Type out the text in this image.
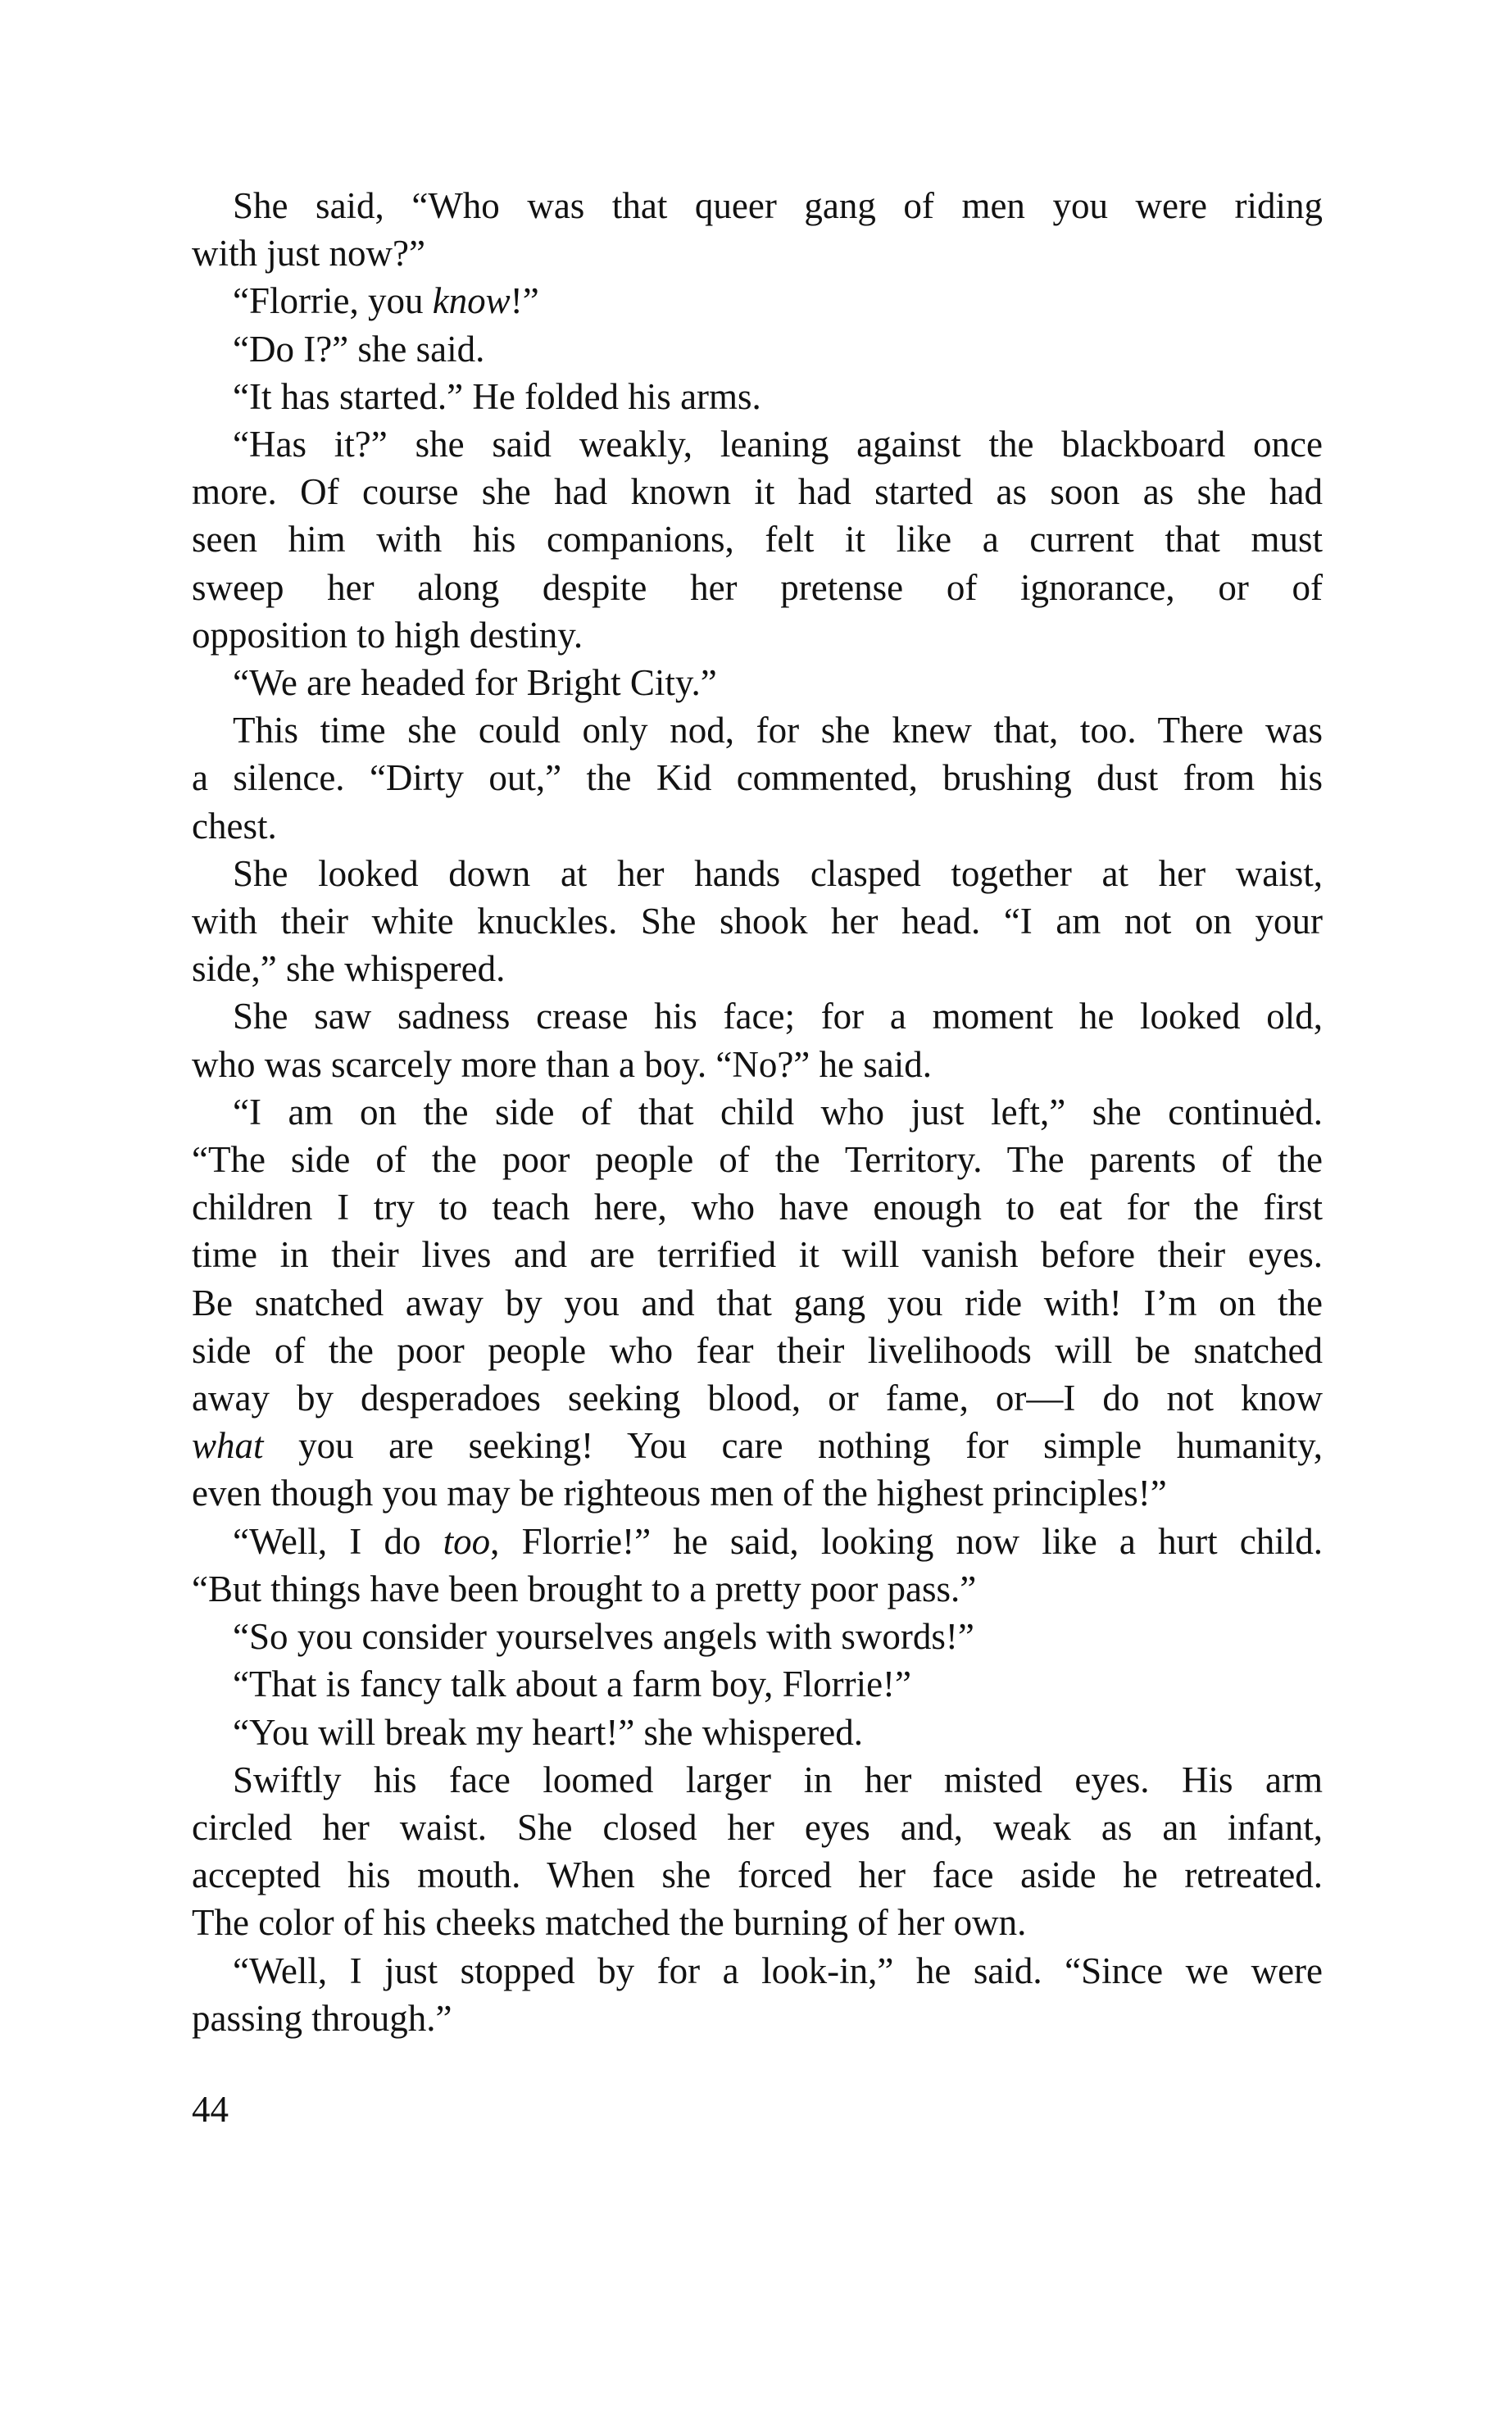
She said, “Who was that queer gang of men you were riding
with just now?”
“Florrie, you know!”
“Do I?” she said.
“It has started.” He folded his arms.
“Has it?” she said weakly, leaning against the blackboard once
more. Of course she had known it had started as soon as she had
seen him with his companions, felt it like a current that must
sweep her along despite her pretense of ignorance, or of
opposition to high destiny.
“We are headed for Bright City.”
This time she could only nod, for she knew that, too. There was
a silence. “Dirty out,” the Kid commented, brushing dust from his
chest.
She looked down at her hands clasped together at her waist,
with their white knuckles. She shook her head. “I am not on your
side,” she whispered.
She saw sadness crease his face; for a moment he looked old,
who was scarcely more than a boy. “No?” he said.
“I am on the side of that child who just left,” she continuėd.
“The side of the poor people of the Territory. The parents of the
children I try to teach here, who have enough to eat for the first
time in their lives and are terrified it will vanish before their eyes.
Be snatched away by you and that gang you ride with! I’m on the
side of the poor people who fear their livelihoods will be snatched
away by desperadoes seeking blood, or fame, or—I do not know
what you are seeking! You care nothing for simple humanity,
even though you may be righteous men of the highest principles!”
“Well, I do too, Florrie!” he said, looking now like a hurt child.
“But things have been brought to a pretty poor pass.”
“So you consider yourselves angels with swords!”
“That is fancy talk about a farm boy, Florrie!”
“You will break my heart!” she whispered.
Swiftly his face loomed larger in her misted eyes. His arm
circled her waist. She closed her eyes and, weak as an infant,
accepted his mouth. When she forced her face aside he retreated.
The color of his cheeks matched the burning of her own.
“Well, I just stopped by for a look-in,” he said. “Since we were
passing through.”
44
